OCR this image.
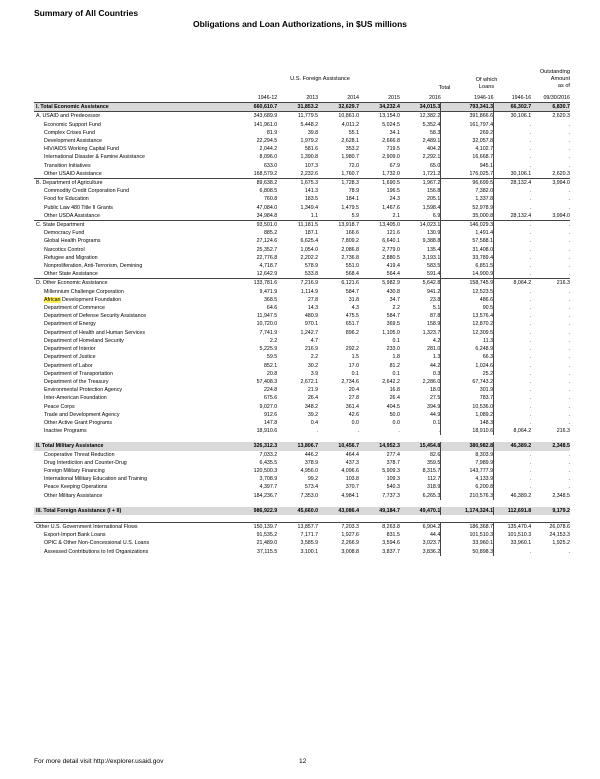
Summary of All Countries
Obligations and Loan Authorizations, in $US millions
U.S. Foreign Assistance
Total
Of which
Loans
Outstanding
Amount
as of
	1946-12	2013	2014	2015	2016	1946-16	1946-16	09/30/2016
I. Total Economic Assistance	660,610.7	31,853.2	32,629.7	34,232.4	34,015.3	793,341.3	66,302.7	6,830.7
A. USAID and Predecessor	343,689.9	11,779.5	10,861.0	13,154.0	12,382.2	391,866.6	30,106.1	2,620.3
Economic Support Fund	141,961.0	5,448.2	4,011.2	5,024.5	5,352.4	161,797.4	.	.
Complex Crises Fund	81.9	39.8	55.1	34.1	58.3	269.2	.	.
Development Assistance	22,294.5	1,979.2	2,628.1	2,666.8	2,489.1	32,057.8	.	.
HIV/AIDS Working Capital Fund	2,044.2	581.6	353.2	719.5	404.2	4,102.7	.	.
International Disaster & Famine Assistance	8,096.0	1,390.8	1,980.7	2,909.0	2,292.1	16,668.7	.	.
Transition Initiatives	633.0	107.3	72.0	67.9	65.0	945.1	.	.
Other USAID Assistance	168,579.2	2,232.6	1,760.7	1,732.0	1,721.2	176,025.7	30,106.1	2,620.3
B. Department of Agriculture	89,638.2	1,675.3	1,728.3	1,690.5	1,967.2	96,699.5	28,132.4	3,994.0
Commodity Credit Corporation Fund	6,808.5	141.3	78.9	196.5	156.8	7,382.0	.	.
Food for Education	760.8	183.5	184.1	24.3	205.1	1,337.8	.	.
Public Law 480 Title II Grants	47,084.0	1,349.4	1,479.5	1,467.6	1,598.4	52,978.9	.	.
Other USDA Assistance	34,984.8	1.1	5.9	2.1	6.9	35,000.8	28,132.4	3,994.0
C. State Department	93,501.0	11,181.5	13,918.7	13,405.0	14,023.1	146,029.3	.	.
Democracy Fund	885.2	187.1	166.6	121.6	130.9	1,491.4	.	.
Global Health Programs	27,124.6	6,625.4	7,809.2	6,640.1	9,388.8	57,588.1	.	.
Narcotics Control	25,352.7	1,054.0	2,086.8	2,779.0	135.4	31,408.0	.	.
Refugee and Migration	22,776.8	2,202.2	2,736.8	2,880.5	3,193.1	33,789.4	.	.
Nonproliferation, Anti-Terrorism, Demining	4,718.7	578.9	551.0	419.4	583.5	6,851.5	.	.
Other State Assistance	12,642.9	533.8	568.4	564.4	591.4	14,900.9	.	.
D. Other Economic Assistance	133,781.6	7,216.9	6,121.6	5,982.9	5,642.8	158,745.9	8,064.2	216.3
Millennium Challenge Corporation	9,471.9	1,114.9	584.7	430.8	941.2	12,523.5	.	.
African Development Foundation	368.5	27.8	31.8	34.7	23.8	486.6	.	.
Department of Commerce	64.6	14.3	4.3	2.2	5.1	90.5	.	.
Department of Defense Security Assistance	11,947.5	480.9	475.5	584.7	87.8	13,576.4	.	.
Department of Energy	10,720.0	970.1	651.7	369.5	158.9	12,870.2	.	.
Department of Health and Human Services	7,741.9	1,242.7	896.2	1,105.0	1,323.7	12,309.5	.	.
Department of Homeland Security	2.2	4.7	.	0.1	4.2	11.3	.	.
Department of Interior	5,225.9	216.9	292.2	233.0	281.0	6,248.9	.	.
Department of Justice	59.5	2.2	1.5	1.8	1.3	66.3	.	.
Department of Labor	852.1	30.2	17.0	81.2	44.2	1,024.6	.	.
Department of Transportation	20.8	3.9	0.1	0.1	0.3	25.2	.	.
Department of the Treasury	57,408.3	2,672.1	2,734.6	2,642.2	2,286.0	67,743.2	.	.
Environmental Protection Agency	224.8	21.9	20.4	16.8	18.0	301.9	.	.
Inter-American Foundation	675.6	26.4	27.8	26.4	27.5	783.7	.	.
Peace Corps	9,027.0	348.2	361.4	404.5	394.9	10,536.0	.	.
Trade and Development Agency	912.6	39.2	42.6	50.0	44.9	1,089.2	.	.
Other Active Grant Programs	147.8	0.4	0.0	0.0	0.1	148.3	.	.
Inactive Programs	18,910.6	.	.	.	.	18,910.6	8,064.2	216.3

II. Total Military Assistance	326,312.3	13,806.7	10,456.7	14,952.3	15,454.8	380,982.8	46,389.2	2,348.5
Cooperative Threat Reduction	7,033.2	446.2	464.4	277.4	82.6	8,303.9	.	.
Drug Interdiction and Counter-Drug	6,435.5	378.9	437.3	378.7	359.5	7,989.9	.	.
Foreign Military Financing	120,500.3	4,956.0	4,096.6	5,909.3	8,315.7	143,777.9	.	.
International Military Education and Training	3,708.9	99.2	103.8	109.3	112.7	4,133.9	.	.
Peace Keeping Operations	4,397.7	573.4	370.7	540.3	318.9	6,200.8	.	.
Other Military Assistance	184,236.7	7,353.0	4,984.1	7,737.3	6,265.3	210,576.3	46,389.2	2,348.5

III. Total Foreign Assistance (I + II)	986,922.9	45,660.0	43,086.4	49,184.7	49,470.1	1,174,324.1	112,691.8	9,179.2

Other U.S. Government International Flows	150,139.7	13,857.7	7,203.3	8,263.8	6,904.2	186,368.7	135,470.4	26,078.6
Export-Import Bank Loans	91,535.2	7,171.7	1,927.6	831.5	44.4	101,510.3	101,510.3	24,153.3
OPIC & Other Non-Concessional U.S. Loans	21,489.0	3,585.9	2,266.9	3,594.6	3,023.7	33,960.1	33,960.1	1,925.2
Assessed Contributions to Intl Organizations	37,115.5	3,100.1	3,008.8	3,837.7	3,836.2	50,898.3	.	.
For more detail visit http://explorer.usaid.gov	12
